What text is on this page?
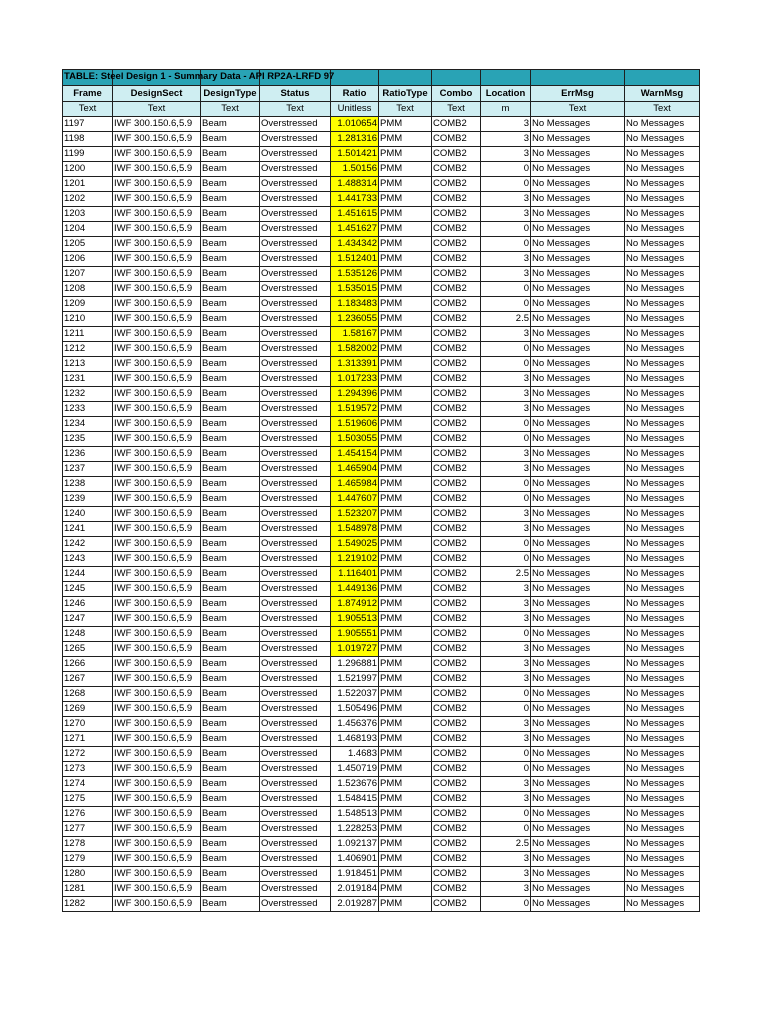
TABLE: Steel Design 1 - Summary Data - API RP2A-LRFD 97									

Frame	DesignSect	DesignType	Status	Ratio	RatioType	Combo	Location	ErrMsg	WarnMsg
Text	Text	Text	Text	Unitless	Text	Text	m	Text	Text
1197	IWF 300.150.6,5.9	Beam	Overstressed	1.010654	PMM	COMB2	3	No Messages	No Messages
1198	IWF 300.150.6,5.9	Beam	Overstressed	1.281316	PMM	COMB2	3	No Messages	No Messages
1199	IWF 300.150.6,5.9	Beam	Overstressed	1.501421	PMM	COMB2	3	No Messages	No Messages
1200	IWF 300.150.6,5.9	Beam	Overstressed	1.50156	PMM	COMB2	0	No Messages	No Messages
1201	IWF 300.150.6,5.9	Beam	Overstressed	1.488314	PMM	COMB2	0	No Messages	No Messages
1202	IWF 300.150.6,5.9	Beam	Overstressed	1.441733	PMM	COMB2	3	No Messages	No Messages
1203	IWF 300.150.6,5.9	Beam	Overstressed	1.451615	PMM	COMB2	3	No Messages	No Messages
1204	IWF 300.150.6,5.9	Beam	Overstressed	1.451627	PMM	COMB2	0	No Messages	No Messages
1205	IWF 300.150.6,5.9	Beam	Overstressed	1.434342	PMM	COMB2	0	No Messages	No Messages
1206	IWF 300.150.6,5.9	Beam	Overstressed	1.512401	PMM	COMB2	3	No Messages	No Messages
1207	IWF 300.150.6,5.9	Beam	Overstressed	1.535126	PMM	COMB2	3	No Messages	No Messages
1208	IWF 300.150.6,5.9	Beam	Overstressed	1.535015	PMM	COMB2	0	No Messages	No Messages
1209	IWF 300.150.6,5.9	Beam	Overstressed	1.183483	PMM	COMB2	0	No Messages	No Messages
1210	IWF 300.150.6,5.9	Beam	Overstressed	1.236055	PMM	COMB2	2.5	No Messages	No Messages
1211	IWF 300.150.6,5.9	Beam	Overstressed	1.58167	PMM	COMB2	3	No Messages	No Messages
1212	IWF 300.150.6,5.9	Beam	Overstressed	1.582002	PMM	COMB2	0	No Messages	No Messages
1213	IWF 300.150.6,5.9	Beam	Overstressed	1.313391	PMM	COMB2	0	No Messages	No Messages
1231	IWF 300.150.6,5.9	Beam	Overstressed	1.017233	PMM	COMB2	3	No Messages	No Messages
1232	IWF 300.150.6,5.9	Beam	Overstressed	1.294396	PMM	COMB2	3	No Messages	No Messages
1233	IWF 300.150.6,5.9	Beam	Overstressed	1.519572	PMM	COMB2	3	No Messages	No Messages
1234	IWF 300.150.6,5.9	Beam	Overstressed	1.519606	PMM	COMB2	0	No Messages	No Messages
1235	IWF 300.150.6,5.9	Beam	Overstressed	1.503055	PMM	COMB2	0	No Messages	No Messages
1236	IWF 300.150.6,5.9	Beam	Overstressed	1.454154	PMM	COMB2	3	No Messages	No Messages
1237	IWF 300.150.6,5.9	Beam	Overstressed	1.465904	PMM	COMB2	3	No Messages	No Messages
1238	IWF 300.150.6,5.9	Beam	Overstressed	1.465984	PMM	COMB2	0	No Messages	No Messages
1239	IWF 300.150.6,5.9	Beam	Overstressed	1.447607	PMM	COMB2	0	No Messages	No Messages
1240	IWF 300.150.6,5.9	Beam	Overstressed	1.523207	PMM	COMB2	3	No Messages	No Messages
1241	IWF 300.150.6,5.9	Beam	Overstressed	1.548978	PMM	COMB2	3	No Messages	No Messages
1242	IWF 300.150.6,5.9	Beam	Overstressed	1.549025	PMM	COMB2	0	No Messages	No Messages
1243	IWF 300.150.6,5.9	Beam	Overstressed	1.219102	PMM	COMB2	0	No Messages	No Messages
1244	IWF 300.150.6,5.9	Beam	Overstressed	1.116401	PMM	COMB2	2.5	No Messages	No Messages
1245	IWF 300.150.6,5.9	Beam	Overstressed	1.449136	PMM	COMB2	3	No Messages	No Messages
1246	IWF 300.150.6,5.9	Beam	Overstressed	1.874912	PMM	COMB2	3	No Messages	No Messages
1247	IWF 300.150.6,5.9	Beam	Overstressed	1.905513	PMM	COMB2	3	No Messages	No Messages
1248	IWF 300.150.6,5.9	Beam	Overstressed	1.905551	PMM	COMB2	0	No Messages	No Messages
1265	IWF 300.150.6,5.9	Beam	Overstressed	1.019727	PMM	COMB2	3	No Messages	No Messages
1266	IWF 300.150.6,5.9	Beam	Overstressed	1.296881	PMM	COMB2	3	No Messages	No Messages
1267	IWF 300.150.6,5.9	Beam	Overstressed	1.521997	PMM	COMB2	3	No Messages	No Messages
1268	IWF 300.150.6,5.9	Beam	Overstressed	1.522037	PMM	COMB2	0	No Messages	No Messages
1269	IWF 300.150.6,5.9	Beam	Overstressed	1.505496	PMM	COMB2	0	No Messages	No Messages
1270	IWF 300.150.6,5.9	Beam	Overstressed	1.456376	PMM	COMB2	3	No Messages	No Messages
1271	IWF 300.150.6,5.9	Beam	Overstressed	1.468193	PMM	COMB2	3	No Messages	No Messages
1272	IWF 300.150.6,5.9	Beam	Overstressed	1.4683	PMM	COMB2	0	No Messages	No Messages
1273	IWF 300.150.6,5.9	Beam	Overstressed	1.450719	PMM	COMB2	0	No Messages	No Messages
1274	IWF 300.150.6,5.9	Beam	Overstressed	1.523676	PMM	COMB2	3	No Messages	No Messages
1275	IWF 300.150.6,5.9	Beam	Overstressed	1.548415	PMM	COMB2	3	No Messages	No Messages
1276	IWF 300.150.6,5.9	Beam	Overstressed	1.548513	PMM	COMB2	0	No Messages	No Messages
1277	IWF 300.150.6,5.9	Beam	Overstressed	1.228253	PMM	COMB2	0	No Messages	No Messages
1278	IWF 300.150.6,5.9	Beam	Overstressed	1.092137	PMM	COMB2	2.5	No Messages	No Messages
1279	IWF 300.150.6,5.9	Beam	Overstressed	1.406901	PMM	COMB2	3	No Messages	No Messages
1280	IWF 300.150.6,5.9	Beam	Overstressed	1.918451	PMM	COMB2	3	No Messages	No Messages
1281	IWF 300.150.6,5.9	Beam	Overstressed	2.019184	PMM	COMB2	3	No Messages	No Messages
1282	IWF 300.150.6,5.9	Beam	Overstressed	2.019287	PMM	COMB2	0	No Messages	No Messages
